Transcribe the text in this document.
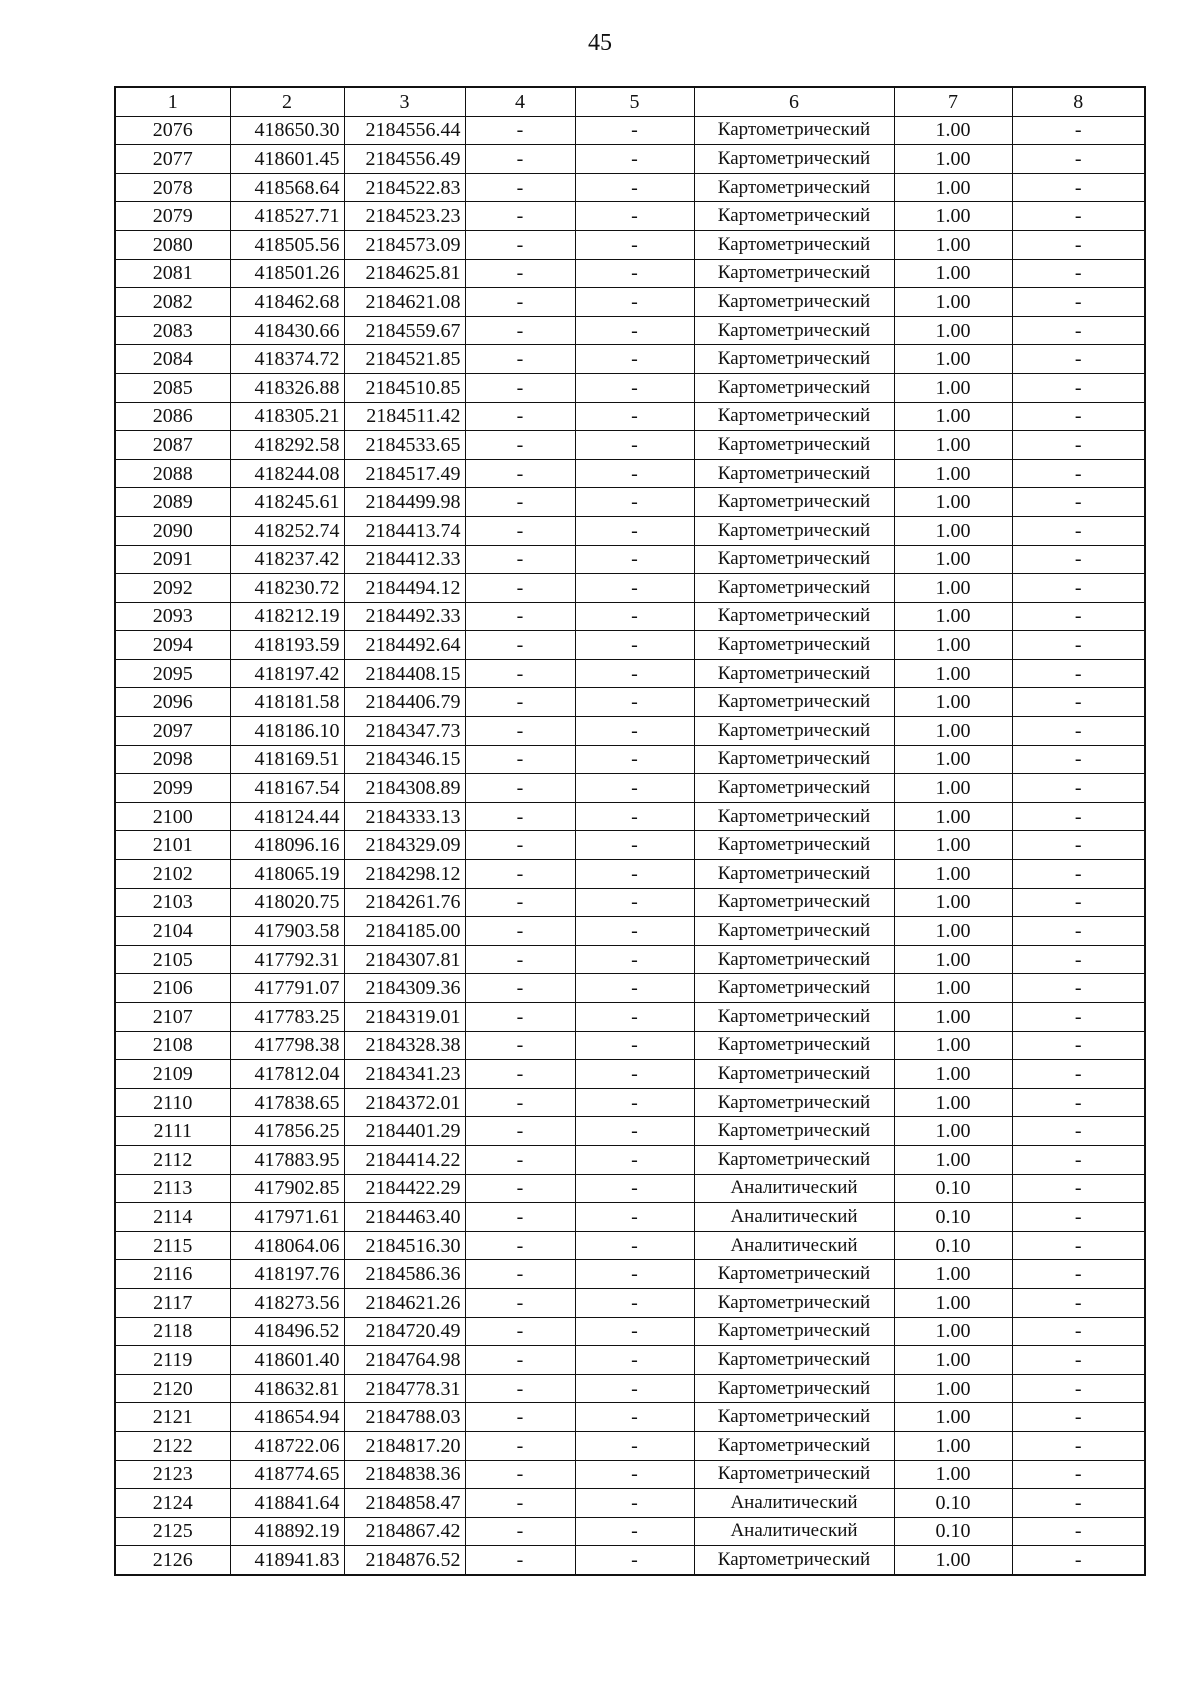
45
1	2	3	4	5	6	7	8
2076	418650.30	2184556.44	-	-	Картометрический	1.00	-
2077	418601.45	2184556.49	-	-	Картометрический	1.00	-
2078	418568.64	2184522.83	-	-	Картометрический	1.00	-
2079	418527.71	2184523.23	-	-	Картометрический	1.00	-
2080	418505.56	2184573.09	-	-	Картометрический	1.00	-
2081	418501.26	2184625.81	-	-	Картометрический	1.00	-
2082	418462.68	2184621.08	-	-	Картометрический	1.00	-
2083	418430.66	2184559.67	-	-	Картометрический	1.00	-
2084	418374.72	2184521.85	-	-	Картометрический	1.00	-
2085	418326.88	2184510.85	-	-	Картометрический	1.00	-
2086	418305.21	2184511.42	-	-	Картометрический	1.00	-
2087	418292.58	2184533.65	-	-	Картометрический	1.00	-
2088	418244.08	2184517.49	-	-	Картометрический	1.00	-
2089	418245.61	2184499.98	-	-	Картометрический	1.00	-
2090	418252.74	2184413.74	-	-	Картометрический	1.00	-
2091	418237.42	2184412.33	-	-	Картометрический	1.00	-
2092	418230.72	2184494.12	-	-	Картометрический	1.00	-
2093	418212.19	2184492.33	-	-	Картометрический	1.00	-
2094	418193.59	2184492.64	-	-	Картометрический	1.00	-
2095	418197.42	2184408.15	-	-	Картометрический	1.00	-
2096	418181.58	2184406.79	-	-	Картометрический	1.00	-
2097	418186.10	2184347.73	-	-	Картометрический	1.00	-
2098	418169.51	2184346.15	-	-	Картометрический	1.00	-
2099	418167.54	2184308.89	-	-	Картометрический	1.00	-
2100	418124.44	2184333.13	-	-	Картометрический	1.00	-
2101	418096.16	2184329.09	-	-	Картометрический	1.00	-
2102	418065.19	2184298.12	-	-	Картометрический	1.00	-
2103	418020.75	2184261.76	-	-	Картометрический	1.00	-
2104	417903.58	2184185.00	-	-	Картометрический	1.00	-
2105	417792.31	2184307.81	-	-	Картометрический	1.00	-
2106	417791.07	2184309.36	-	-	Картометрический	1.00	-
2107	417783.25	2184319.01	-	-	Картометрический	1.00	-
2108	417798.38	2184328.38	-	-	Картометрический	1.00	-
2109	417812.04	2184341.23	-	-	Картометрический	1.00	-
2110	417838.65	2184372.01	-	-	Картометрический	1.00	-
2111	417856.25	2184401.29	-	-	Картометрический	1.00	-
2112	417883.95	2184414.22	-	-	Картометрический	1.00	-
2113	417902.85	2184422.29	-	-	Аналитический	0.10	-
2114	417971.61	2184463.40	-	-	Аналитический	0.10	-
2115	418064.06	2184516.30	-	-	Аналитический	0.10	-
2116	418197.76	2184586.36	-	-	Картометрический	1.00	-
2117	418273.56	2184621.26	-	-	Картометрический	1.00	-
2118	418496.52	2184720.49	-	-	Картометрический	1.00	-
2119	418601.40	2184764.98	-	-	Картометрический	1.00	-
2120	418632.81	2184778.31	-	-	Картометрический	1.00	-
2121	418654.94	2184788.03	-	-	Картометрический	1.00	-
2122	418722.06	2184817.20	-	-	Картометрический	1.00	-
2123	418774.65	2184838.36	-	-	Картометрический	1.00	-
2124	418841.64	2184858.47	-	-	Аналитический	0.10	-
2125	418892.19	2184867.42	-	-	Аналитический	0.10	-
2126	418941.83	2184876.52	-	-	Картометрический	1.00	-
